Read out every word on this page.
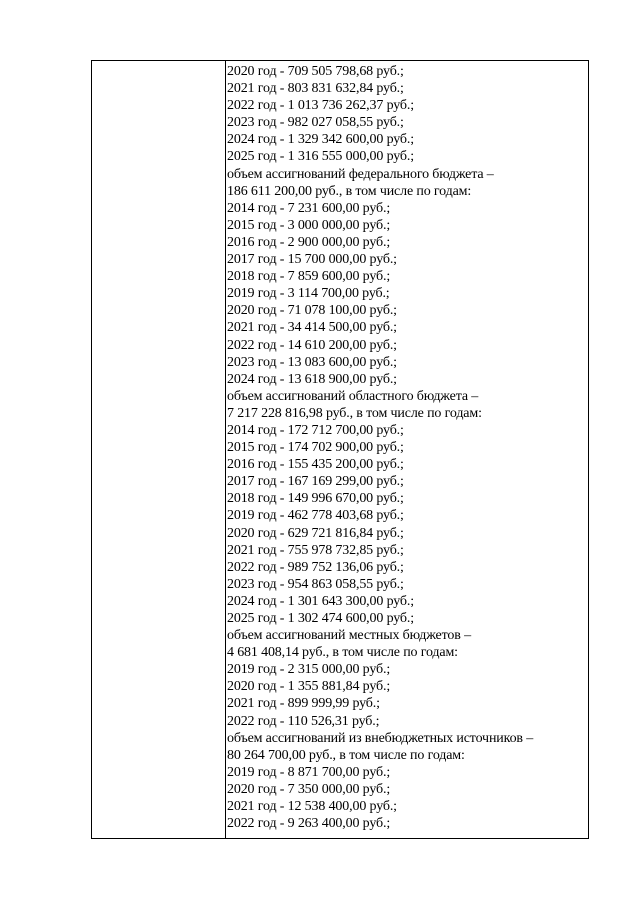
2020 год - 709 505 798,68 руб.;
2021 год - 803 831 632,84 руб.;
2022 год - 1 013 736 262,37 руб.;
2023 год - 982 027 058,55 руб.;
2024 год - 1 329 342 600,00 руб.;
2025 год - 1 316 555 000,00 руб.;
объем ассигнований федерального бюджета –
186 611 200,00 руб., в том числе по годам:
2014 год - 7 231 600,00 руб.;
2015 год - 3 000 000,00 руб.;
2016 год - 2 900 000,00 руб.;
2017 год - 15 700 000,00 руб.;
2018 год - 7 859 600,00 руб.;
2019 год - 3 114 700,00 руб.;
2020 год - 71 078 100,00 руб.;
2021 год - 34 414 500,00 руб.;
2022 год - 14 610 200,00 руб.;
2023 год - 13 083 600,00 руб.;
2024 год - 13 618 900,00 руб.;
объем ассигнований областного бюджета –
7 217 228 816,98 руб., в том числе по годам:
2014 год - 172 712 700,00 руб.;
2015 год - 174 702 900,00 руб.;
2016 год - 155 435 200,00 руб.;
2017 год - 167 169 299,00 руб.;
2018 год - 149 996 670,00 руб.;
2019 год - 462 778 403,68 руб.;
2020 год - 629 721 816,84 руб.;
2021 год - 755 978 732,85 руб.;
2022 год - 989 752 136,06 руб.;
2023 год - 954 863 058,55 руб.;
2024 год - 1 301 643 300,00 руб.;
2025 год - 1 302 474 600,00 руб.;
объем ассигнований местных бюджетов –
4 681 408,14 руб., в том числе по годам:
2019 год - 2 315 000,00 руб.;
2020 год - 1 355 881,84 руб.;
2021 год - 899 999,99 руб.;
2022 год - 110 526,31 руб.;
объем ассигнований из внебюджетных источников –
80 264 700,00 руб., в том числе по годам:
2019 год - 8 871 700,00 руб.;
2020 год - 7 350 000,00 руб.;
2021 год - 12 538 400,00 руб.;
2022 год - 9 263 400,00 руб.;
